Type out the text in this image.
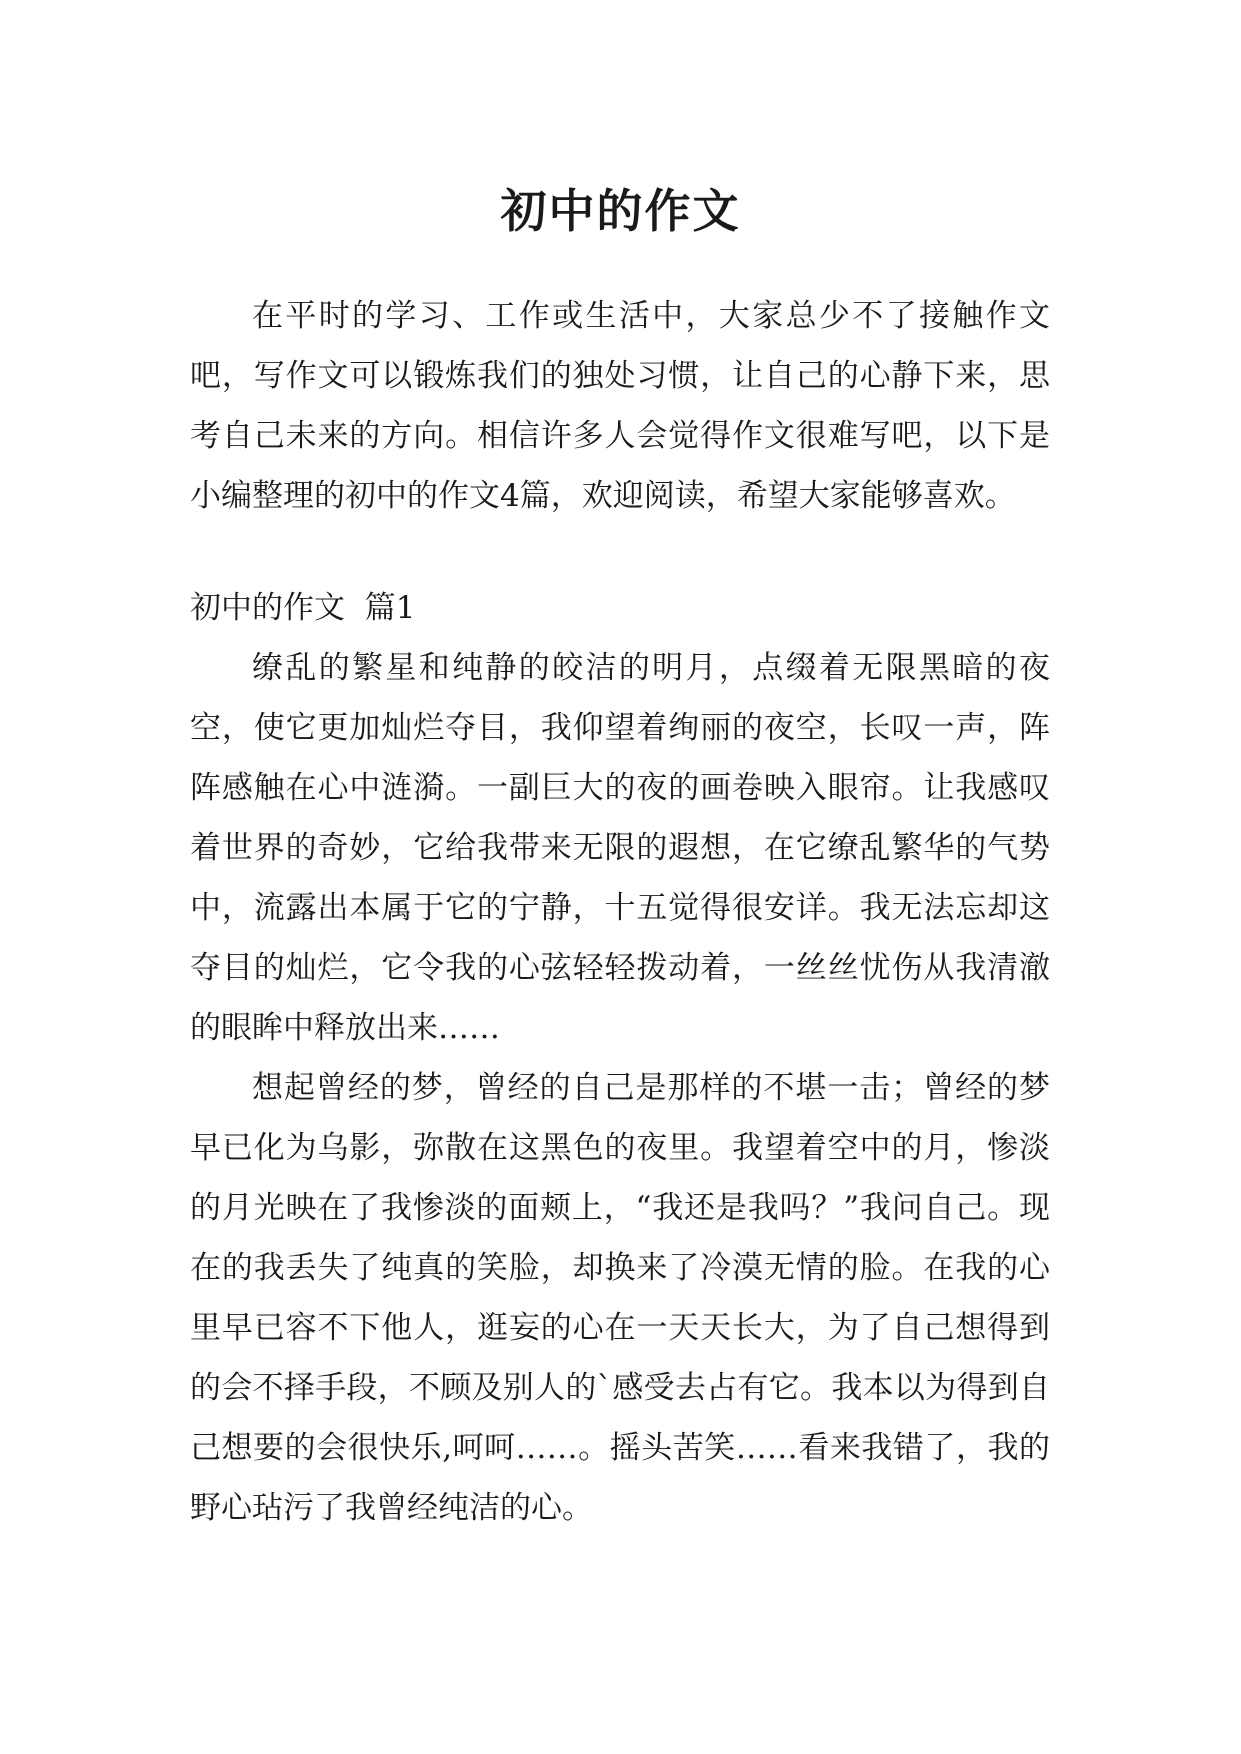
初中的作文

在平时的学习、工作或生活中，大家总少不了接触作文吧，写作文可以锻炼我们的独处习惯，让自己的心静下来，思考自己未来的方向。相信许多人会觉得作文很难写吧，以下是小编整理的初中的作文4篇，欢迎阅读，希望大家能够喜欢。

初中的作文  篇1

缭乱的繁星和纯静的皎洁的明月，点缀着无限黑暗的夜空，使它更加灿烂夺目，我仰望着绚丽的夜空，长叹一声，阵阵感触在心中涟漪。一副巨大的夜的画卷映入眼帘。让我感叹着世界的奇妙，它给我带来无限的遐想，在它缭乱繁华的气势中，流露出本属于它的宁静，十五觉得很安详。我无法忘却这夺目的灿烂，它令我的心弦轻轻拨动着，一丝丝忧伤从我清澈的眼眸中释放出来……

想起曾经的梦，曾经的自己是那样的不堪一击；曾经的梦早已化为乌影，弥散在这黑色的夜里。我望着空中的月，惨淡的月光映在了我惨淡的面颊上，“我还是我吗？”我问自己。现在的我丢失了纯真的笑脸，却换来了冷漠无情的脸。在我的心里早已容不下他人，逛妄的心在一天天长大，为了自己想得到的会不择手段，不顾及别人的`感受去占有它。我本以为得到自己想要的会很快乐,呵呵……。摇头苦笑……看来我错了，我的野心玷污了我曾经纯洁的心。
